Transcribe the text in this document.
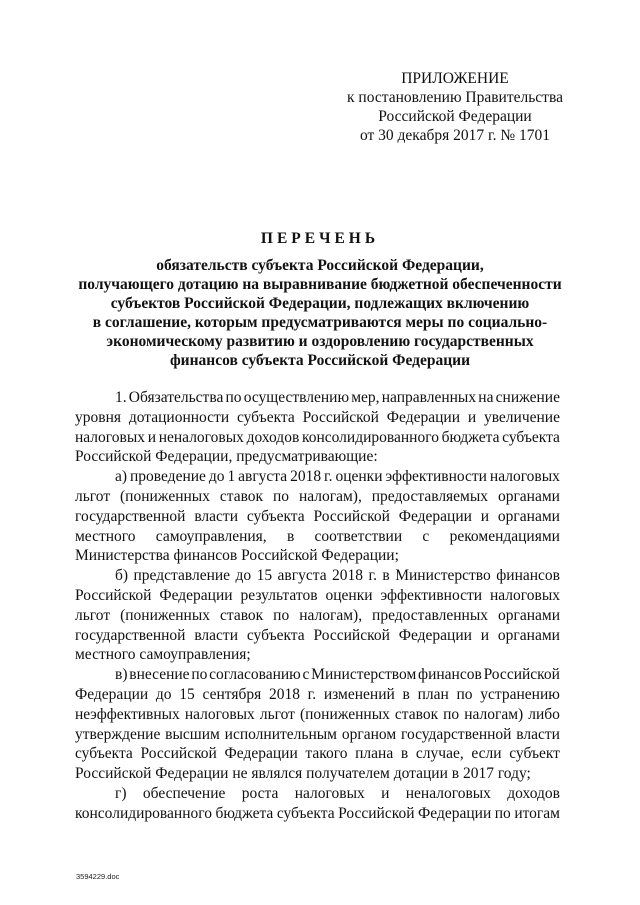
ПРИЛОЖЕНИЕ
к постановлению Правительства
Российской Федерации
от 30 декабря 2017 г. № 1701
ПЕРЕЧЕНЬ
обязательств субъекта Российской Федерации,
получающего дотацию на выравнивание бюджетной обеспеченности
субъектов Российской Федерации, подлежащих включению
в соглашение, которым предусматриваются меры по социально-
экономическому развитию и оздоровлению государственных
финансов субъекта Российской Федерации
1. Обязательства по осуществлению мер, направленных на снижение
уровня дотационности субъекта Российской Федерации и увеличение
налоговых и неналоговых доходов консолидированного бюджета субъекта
Российской Федерации, предусматривающие:
а) проведение до 1 августа 2018 г. оценки эффективности налоговых
льгот (пониженных ставок по налогам), предоставляемых органами
государственной власти субъекта Российской Федерации и органами
местного самоуправления, в соответствии с рекомендациями
Министерства финансов Российской Федерации;
б) представление до 15 августа 2018 г. в Министерство финансов
Российской Федерации результатов оценки эффективности налоговых
льгот (пониженных ставок по налогам), предоставленных органами
государственной власти субъекта Российской Федерации и органами
местного самоуправления;
в) внесение по согласованию с Министерством финансов Российской
Федерации до 15 сентября 2018 г. изменений в план по устранению
неэффективных налоговых льгот (пониженных ставок по налогам) либо
утверждение высшим исполнительным органом государственной власти
субъекта Российской Федерации такого плана в случае, если субъект
Российской Федерации не являлся получателем дотации в 2017 году;
г) обеспечение роста налоговых и неналоговых доходов
консолидированного бюджета субъекта Российской Федерации по итогам
3594229.doc
